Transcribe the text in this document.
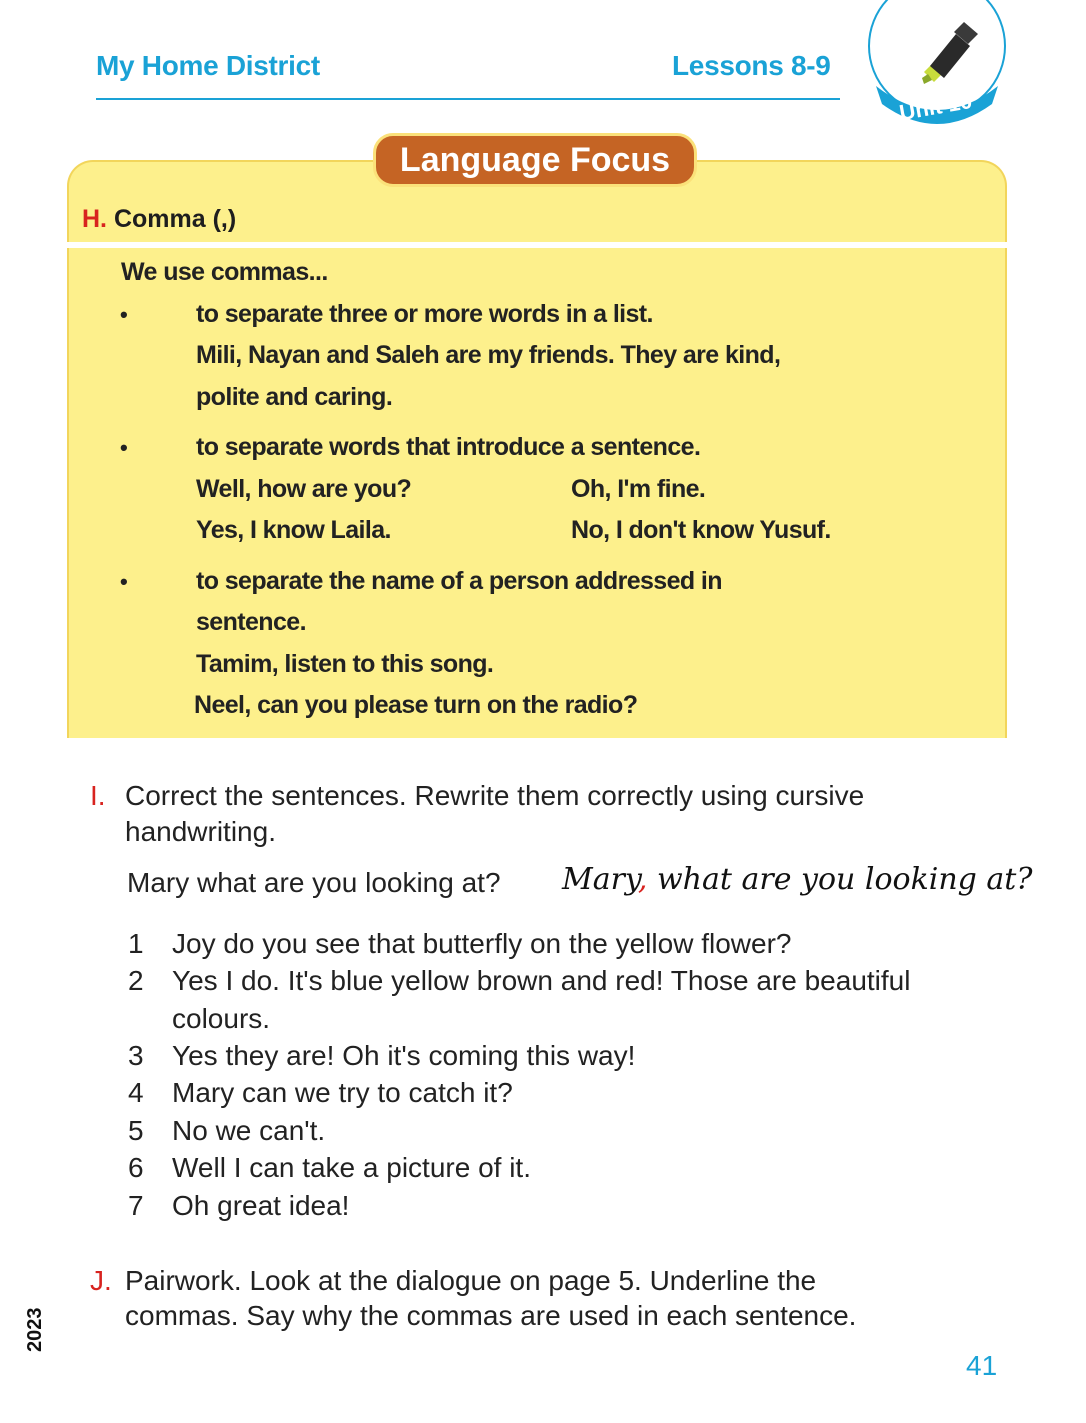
My Home District	Lessons 8-9
Unit 10
Language Focus
H. Comma (,)
We use commas...
•	to separate three or more words in a list.
Mili, Nayan and Saleh are my friends. They are kind,
polite and caring.
•	to separate words that introduce a sentence.
Well, how are you?	Oh, I'm fine.
Yes, I know Laila.	No, I don't know Yusuf.
•	to separate the name of a person addressed in
sentence.
Tamim, listen to this song.
Neel, can you please turn on the radio?
I. Correct the sentences. Rewrite them correctly using cursive
handwriting.
Mary what are you looking at? Mary, what are you looking at?
1 Joy do you see that butterfly on the yellow flower?
2 Yes I do. It's blue yellow brown and red! Those are beautiful
colours.
3 Yes they are! Oh it's coming this way!
4 Mary can we try to catch it?
5 No we can't.
6 Well I can take a picture of it.
7 Oh great idea!
J. Pairwork. Look at the dialogue on page 5. Underline the
commas. Say why the commas are used in each sentence.
2023
41
